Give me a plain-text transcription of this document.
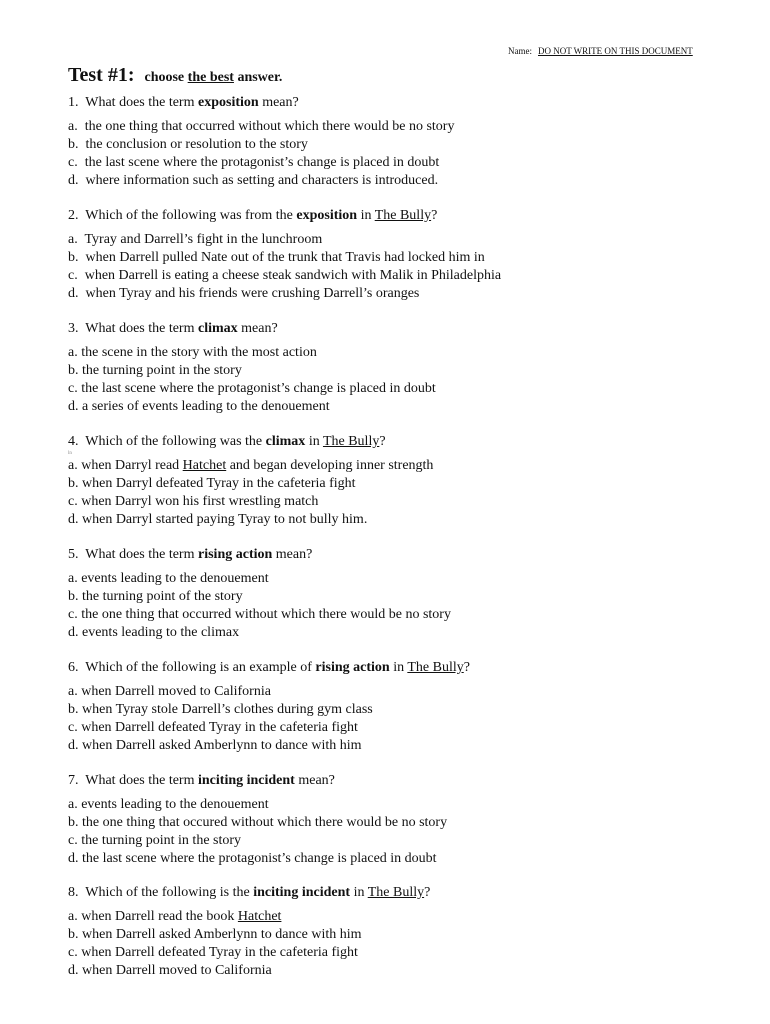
Name: DO NOT WRITE ON THIS DOCUMENT
Test #1: choose the best answer.
1. What does the term exposition mean?
a. the one thing that occurred without which there would be no story
b. the conclusion or resolution to the story
c. the last scene where the protagonist’s change is placed in doubt
d. where information such as setting and characters is introduced.
2. Which of the following was from the exposition in The Bully?
a. Tyray and Darrell’s fight in the lunchroom
b. when Darrell pulled Nate out of the trunk that Travis had locked him in
c. when Darrell is eating a cheese steak sandwich with Malik in Philadelphia
d. when Tyray and his friends were crushing Darrell’s oranges
3. What does the term climax mean?
a. the scene in the story with the most action
b. the turning point in the story
c. the last scene where the protagonist’s change is placed in doubt
d. a series of events leading to the denouement
4. Which of the following was the climax in The Bully?
ln
a. when Darryl read Hatchet and began developing inner strength
b. when Darryl defeated Tyray in the cafeteria fight
c. when Darryl won his first wrestling match
d. when Darryl started paying Tyray to not bully him.
5. What does the term rising action mean?
a. events leading to the denouement
b. the turning point of the story
c. the one thing that occurred without which there would be no story
d. events leading to the climax
6. Which of the following is an example of rising action in The Bully?
a. when Darrell moved to California
b. when Tyray stole Darrell’s clothes during gym class
c. when Darrell defeated Tyray in the cafeteria fight
d. when Darrell asked Amberlynn to dance with him
7. What does the term inciting incident mean?
a. events leading to the denouement
b. the one thing that occured without which there would be no story
c. the turning point in the story
d. the last scene where the protagonist’s change is placed in doubt
8. Which of the following is the inciting incident in The Bully?
a. when Darrell read the book Hatchet
b. when Darrell asked Amberlynn to dance with him
c. when Darrell defeated Tyray in the cafeteria fight
d. when Darrell moved to California
